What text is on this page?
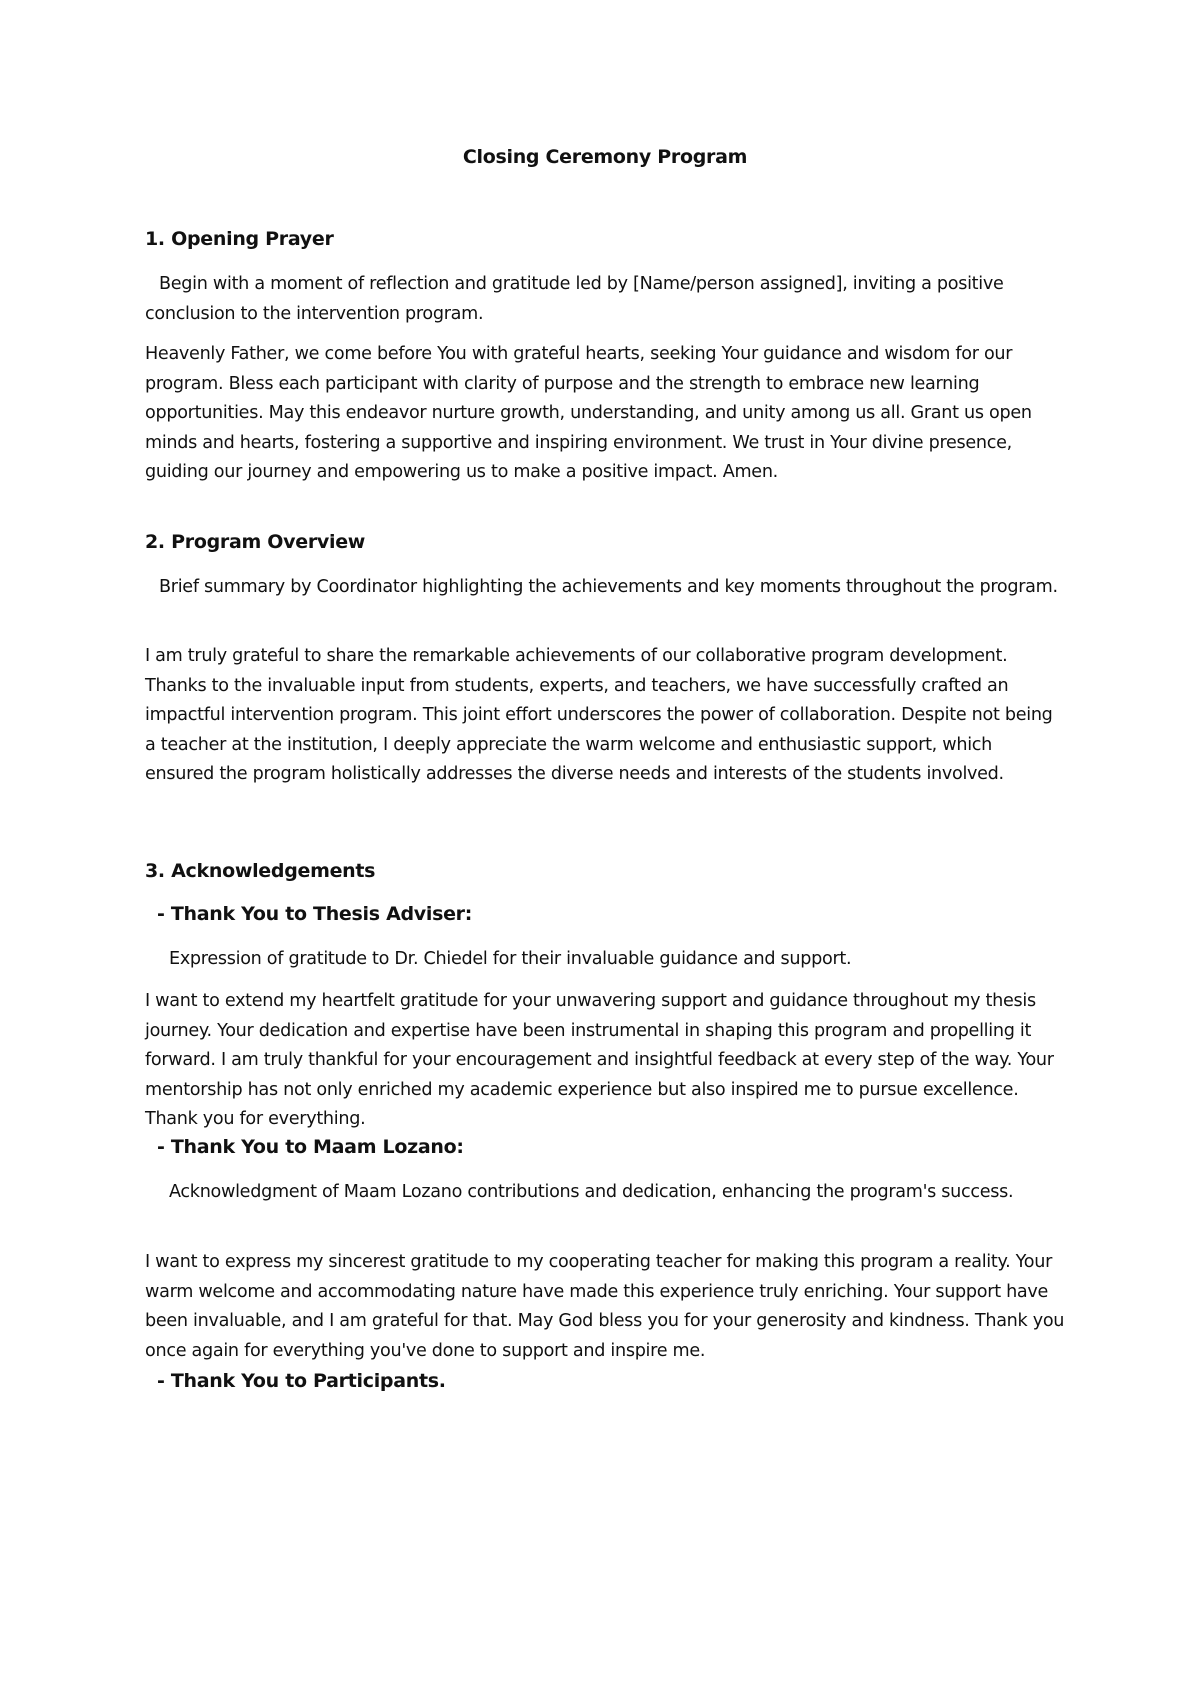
Closing Ceremony Program
1. Opening Prayer

Begin with a moment of reflection and gratitude led by [Name/person assigned], inviting a positive conclusion to the intervention program.

Heavenly Father, we come before You with grateful hearts, seeking Your guidance and wisdom for our program. Bless each participant with clarity of purpose and the strength to embrace new learning opportunities. May this endeavor nurture growth, understanding, and unity among us all. Grant us open minds and hearts, fostering a supportive and inspiring environment. We trust in Your divine presence, guiding our journey and empowering us to make a positive impact. Amen.

2. Program Overview

Brief summary by Coordinator highlighting the achievements and key moments throughout the program.

I am truly grateful to share the remarkable achievements of our collaborative program development. Thanks to the invaluable input from students, experts, and teachers, we have successfully crafted an impactful intervention program. This joint effort underscores the power of collaboration. Despite not being a teacher at the institution, I deeply appreciate the warm welcome and enthusiastic support, which ensured the program holistically addresses the diverse needs and interests of the students involved.

3. Acknowledgements
- Thank You to Thesis Adviser:

Expression of gratitude to Dr. Chiedel for their invaluable guidance and support.

I want to extend my heartfelt gratitude for your unwavering support and guidance throughout my thesis journey. Your dedication and expertise have been instrumental in shaping this program and propelling it forward. I am truly thankful for your encouragement and insightful feedback at every step of the way. Your mentorship has not only enriched my academic experience but also inspired me to pursue excellence. Thank you for everything.

- Thank You to Maam Lozano:

Acknowledgment of Maam Lozano contributions and dedication, enhancing the program's success.

I want to express my sincerest gratitude to my cooperating teacher for making this program a reality. Your warm welcome and accommodating nature have made this experience truly enriching. Your support have been invaluable, and I am grateful for that. May God bless you for your generosity and kindness. Thank you once again for everything you've done to support and inspire me.

- Thank You to Participants.
